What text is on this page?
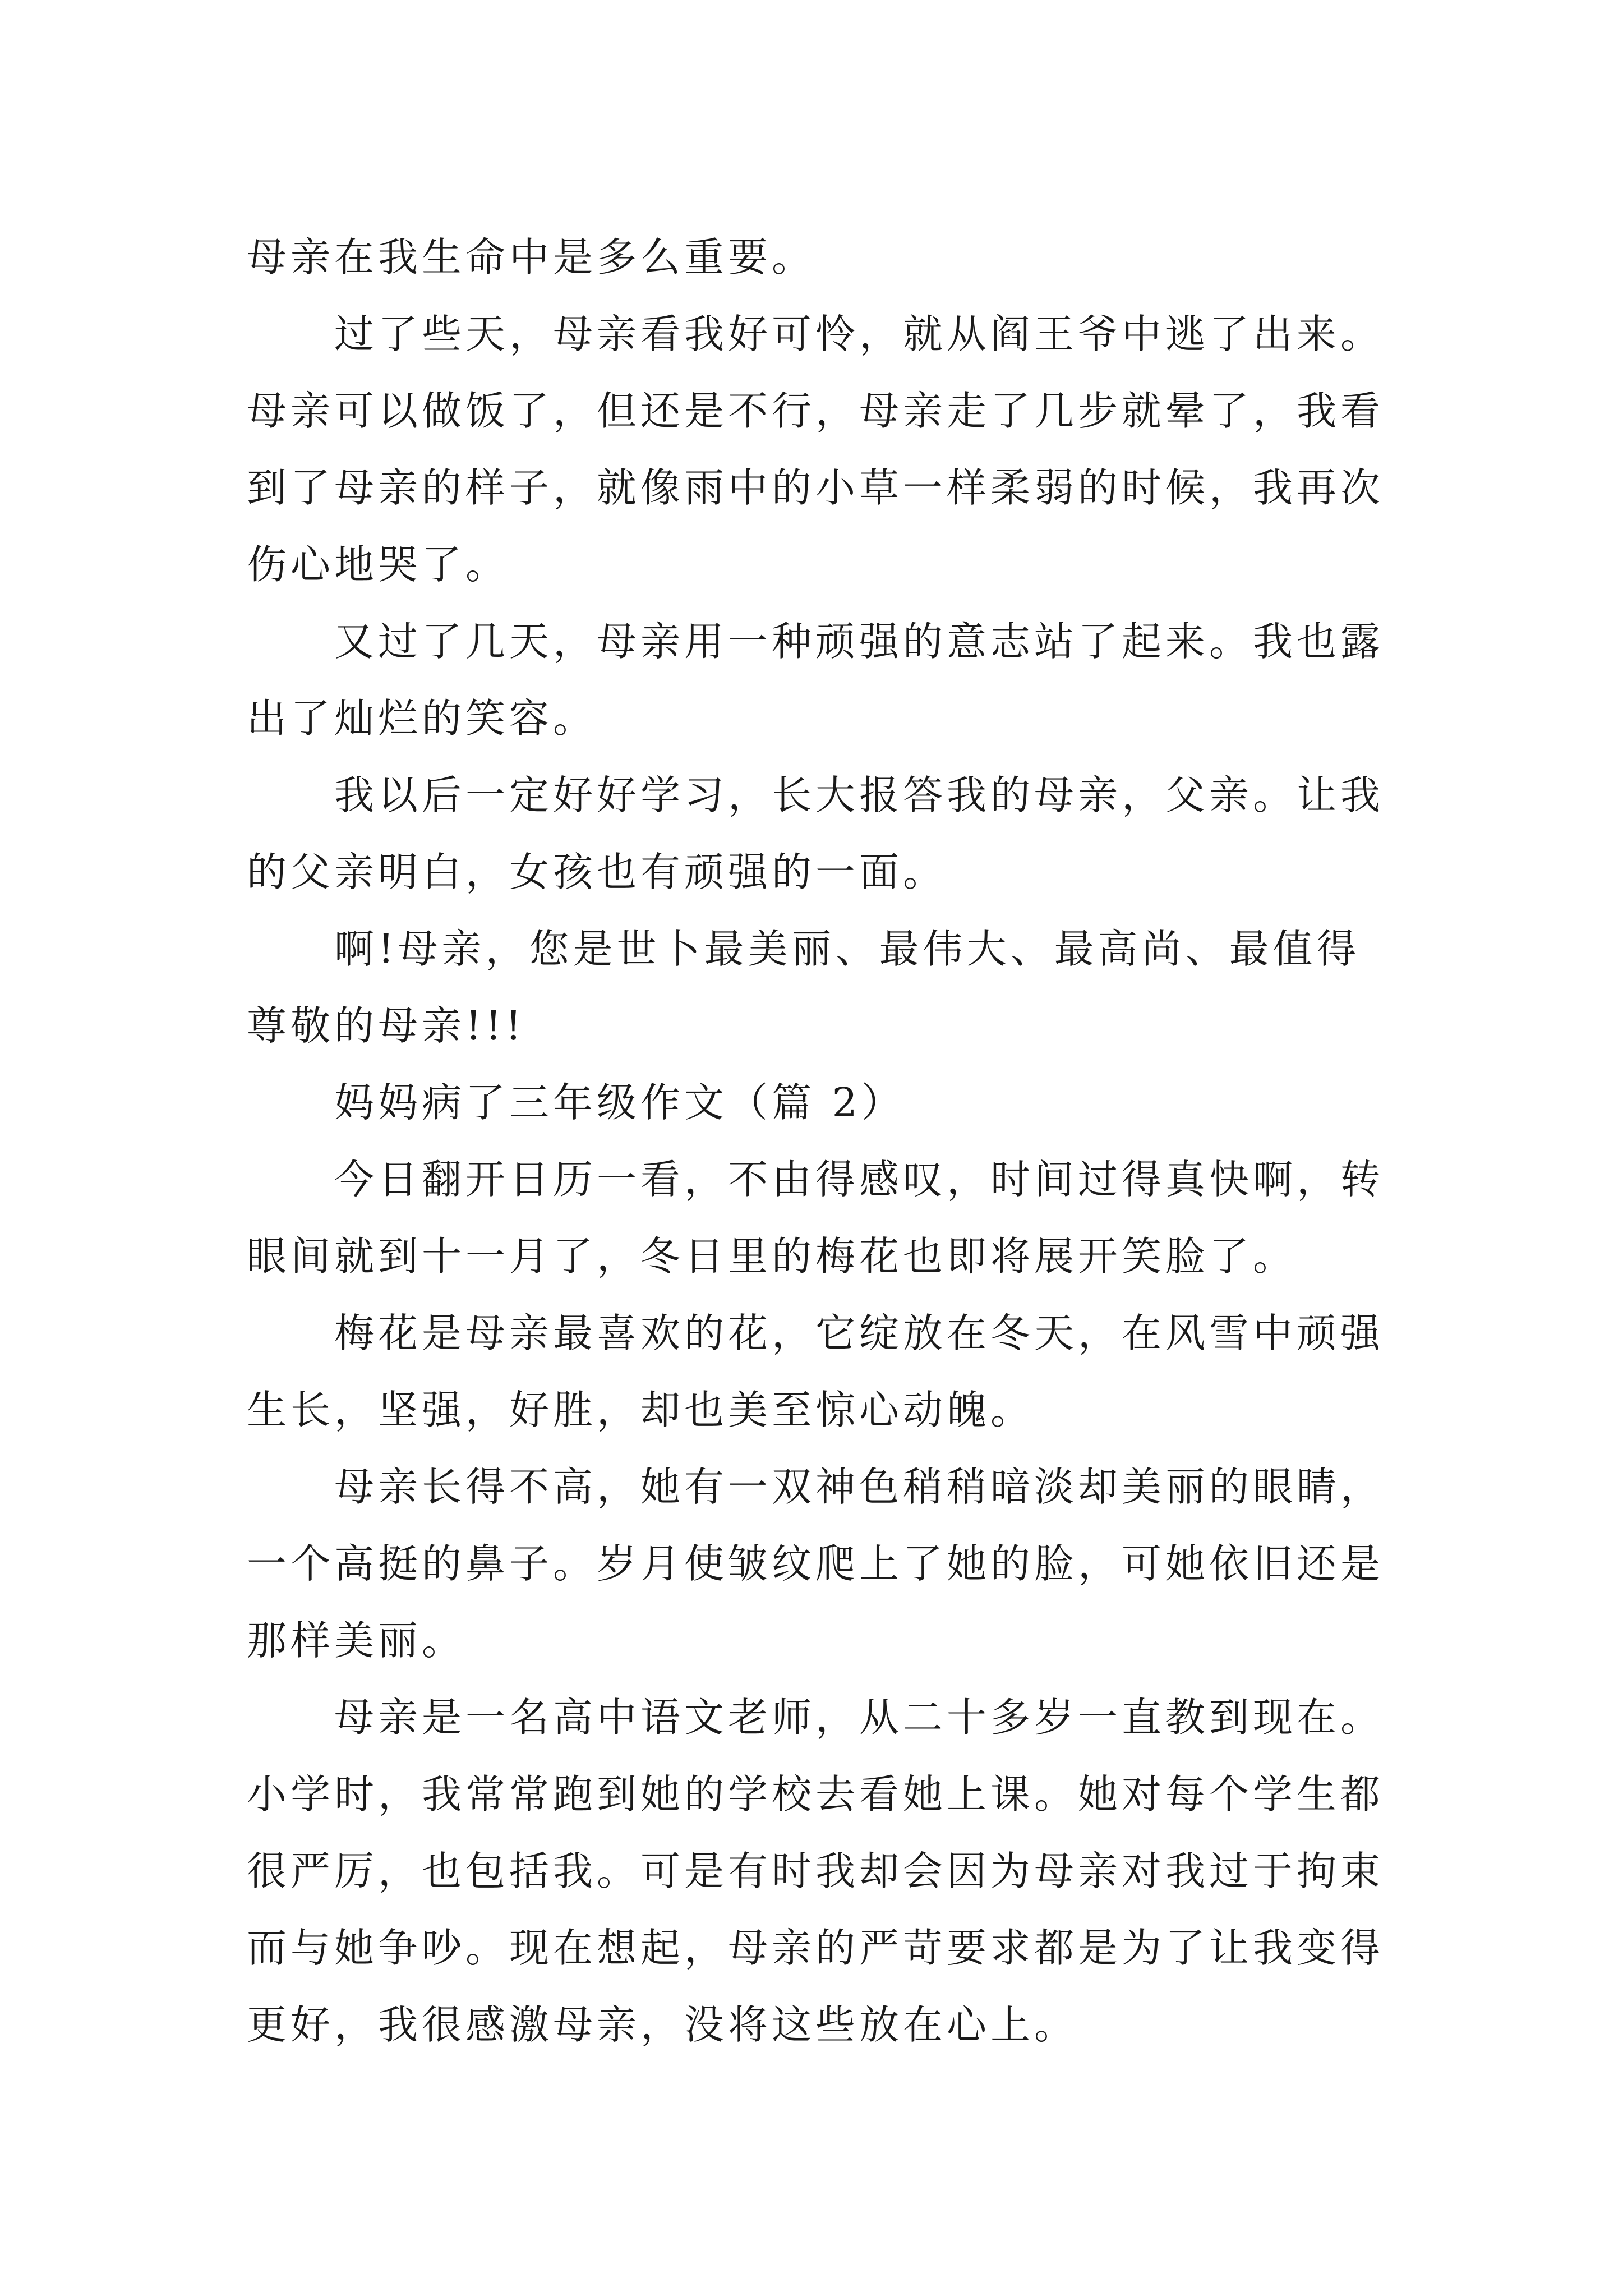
母亲在我生命中是多么重要。
过了些天，母亲看我好可怜，就从阎王爷中逃了出来。
母亲可以做饭了，但还是不行，母亲走了几步就晕了，我看
到了母亲的样子，就像雨中的小草一样柔弱的时候，我再次
伤心地哭了。
又过了几天，母亲用一种顽强的意志站了起来。我也露
出了灿烂的笑容。
我以后一定好好学习，长大报答我的母亲，父亲。让我
的父亲明白，女孩也有顽强的一面。
啊!母亲，您是世卜最美丽、最伟大、最高尚、最值得
尊敬的母亲!!!
妈妈病了三年级作文（篇 2）
今日翻开日历一看，不由得感叹，时间过得真快啊，转
眼间就到十一月了，冬日里的梅花也即将展开笑脸了。
梅花是母亲最喜欢的花，它绽放在冬天，在风雪中顽强
生长，坚强，好胜，却也美至惊心动魄。
母亲长得不高，她有一双神色稍稍暗淡却美丽的眼睛，
一个高挺的鼻子。岁月使皱纹爬上了她的脸，可她依旧还是
那样美丽。
母亲是一名高中语文老师，从二十多岁一直教到现在。
小学时，我常常跑到她的学校去看她上课。她对每个学生都
很严厉，也包括我。可是有时我却会因为母亲对我过于拘束
而与她争吵。现在想起，母亲的严苛要求都是为了让我变得
更好，我很感激母亲，没将这些放在心上。
